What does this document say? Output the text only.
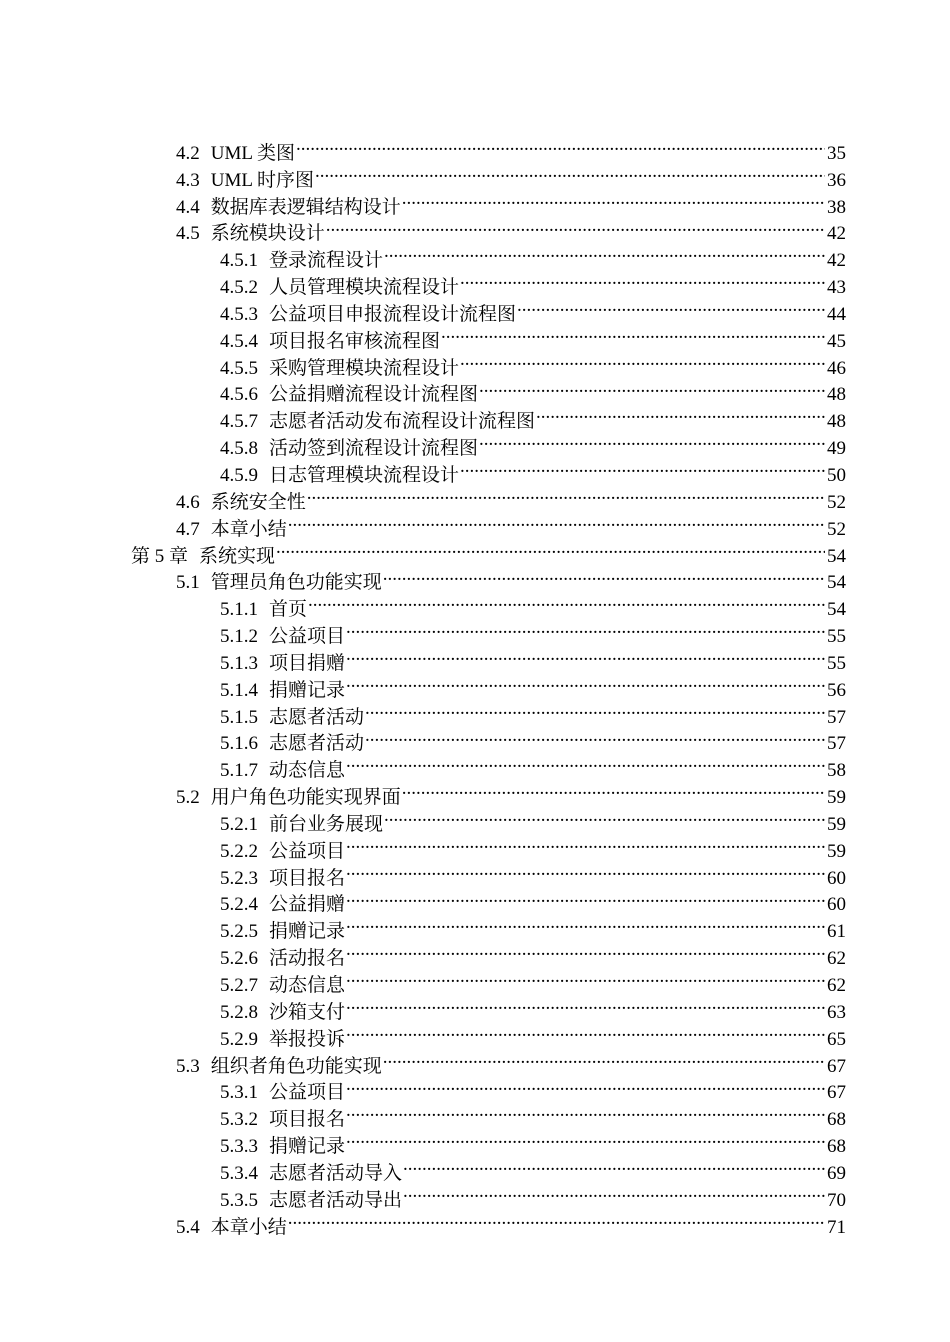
4.2 UML 类图 .....	35
4.3 UML 时序图 .....	36
4.4 数据库表逻辑结构设计 .....	38
4.5 系统模块设计 .....	42
4.5.1 登录流程设计 .....	42
4.5.2 人员管理模块流程设计 .....	43
4.5.3 公益项目申报流程设计流程图 .....	44
4.5.4 项目报名审核流程图 .....	45
4.5.5 采购管理模块流程设计 .....	46
4.5.6 公益捐赠流程设计流程图 .....	48
4.5.7 志愿者活动发布流程设计流程图 .....	48
4.5.8 活动签到流程设计流程图 .....	49
4.5.9 日志管理模块流程设计 .....	50
4.6 系统安全性 .....	52
4.7 本章小结 .....	52
第 5 章 系统实现 .....	54
5.1 管理员角色功能实现 .....	54
5.1.1 首页 .....	54
5.1.2 公益项目 .....	55
5.1.3 项目捐赠 .....	55
5.1.4 捐赠记录 .....	56
5.1.5 志愿者活动 .....	57
5.1.6 志愿者活动 .....	57
5.1.7 动态信息 .....	58
5.2 用户角色功能实现界面 .....	59
5.2.1 前台业务展现 .....	59
5.2.2 公益项目 .....	59
5.2.3 项目报名 .....	60
5.2.4 公益捐赠 .....	60
5.2.5 捐赠记录 .....	61
5.2.6 活动报名 .....	62
5.2.7 动态信息 .....	62
5.2.8 沙箱支付 .....	63
5.2.9 举报投诉 .....	65
5.3 组织者角色功能实现 .....	67
5.3.1 公益项目 .....	67
5.3.2 项目报名 .....	68
5.3.3 捐赠记录 .....	68
5.3.4 志愿者活动导入 .....	69
5.3.5 志愿者活动导出 .....	70
5.4 本章小结 .....	71
